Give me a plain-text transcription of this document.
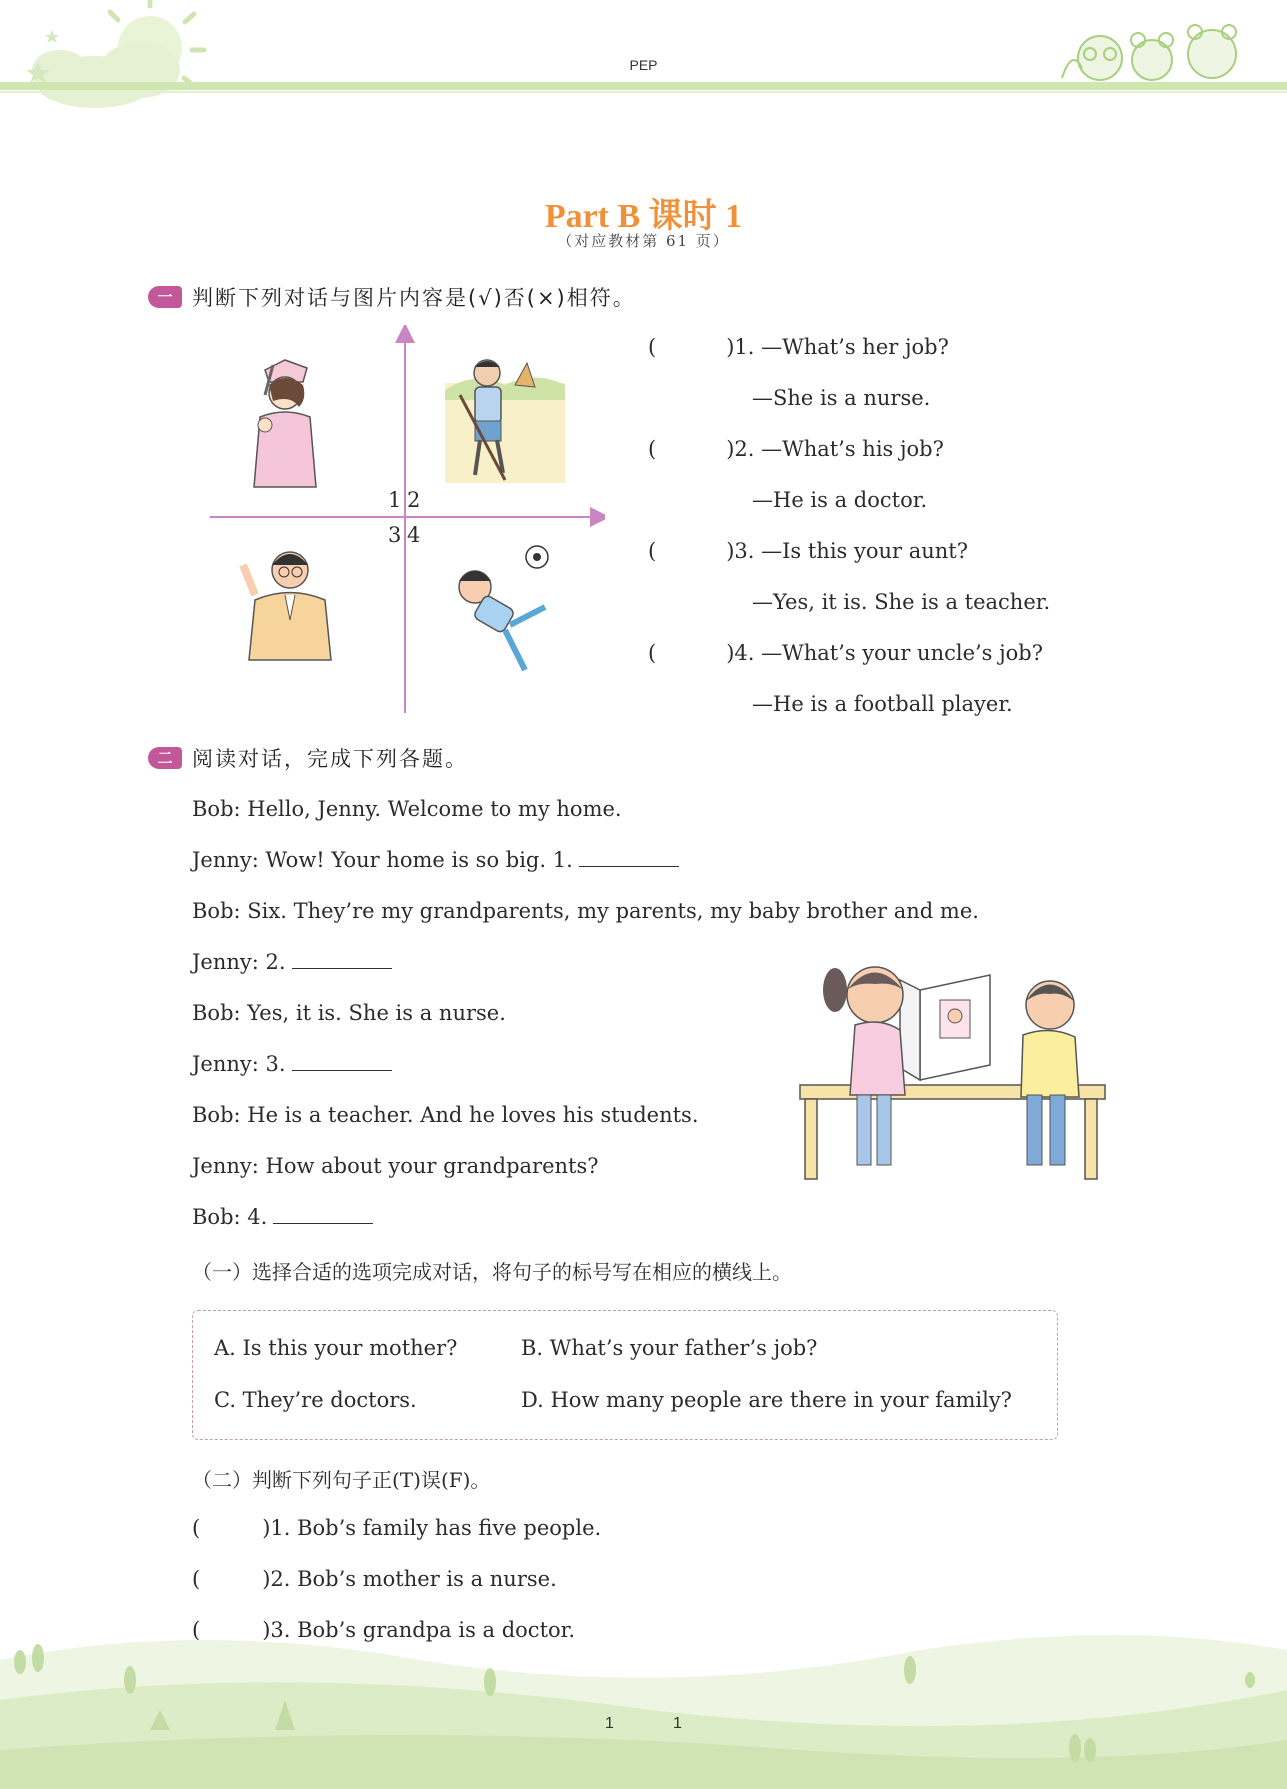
PEP
Part B 课时 1
（对应教材第 61 页）
一 判断下列对话与图片内容是(√)否(×)相符。
1 2
3 4
(	)1. —What’s her job?
—She is a nurse.
(	)2. —What’s his job?
—He is a doctor.
(	)3. —Is this your aunt?
—Yes, it is. She is a teacher.
(	)4. —What’s your uncle’s job?
—He is a football player.
二 阅读对话，完成下列各题。
Bob: Hello, Jenny. Welcome to my home.
Jenny: Wow! Your home is so big. 1.
Bob: Six. They’re my grandparents, my parents, my baby brother and me.
Jenny: 2.
Bob: Yes, it is. She is a nurse.
Jenny: 3.
Bob: He is a teacher. And he loves his students.
Jenny: How about your grandparents?
Bob: 4.
（一）选择合适的选项完成对话，将句子的标号写在相应的横线上。
A. Is this your mother?	B. What’s your father’s job?
C. They’re doctors.	D. How many people are there in your family?
（二）判断下列句子正(T)误(F)。
(	)1. Bob’s family has five people.
(	)2. Bob’s mother is a nurse.
(	)3. Bob’s grandpa is a doctor.
1	1
